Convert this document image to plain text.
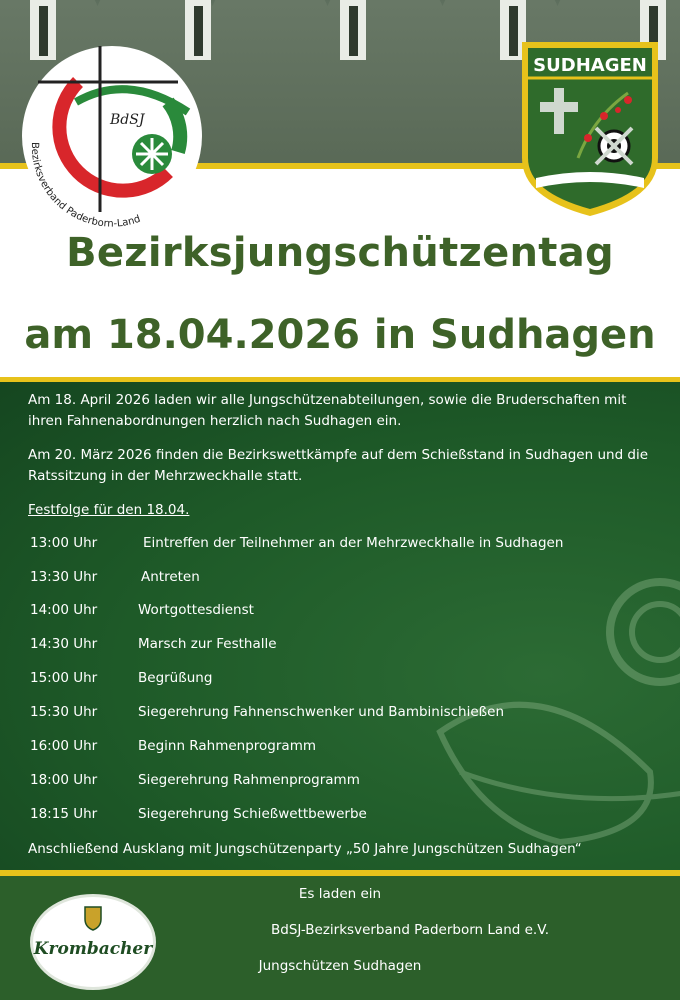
BdSJ
Bezirksverband Paderborn-Land
SUDHAGEN
Bezirksjungschützentag
am 18.04.2026 in Sudhagen
Am 18. April 2026 laden wir alle Jungschützenabteilungen, sowie die Bruderschaften mit ihren Fahnenabordnungen herzlich nach Sudhagen ein.
Am 20. März 2026 finden die Bezirkswettkämpfe auf dem Schießstand in Sudhagen und die Ratssitzung in der Mehrzweckhalle statt.
Festfolge für den 18.04.
13:00 Uhr	Eintreffen der Teilnehmer an der Mehrzweckhalle in Sudhagen
13:30 Uhr	Antreten
14:00 Uhr	Wortgottesdienst
14:30 Uhr	Marsch zur Festhalle
15:00 Uhr	Begrüßung
15:30 Uhr	Siegerehrung Fahnenschwenker und Bambinischießen
16:00 Uhr	Beginn Rahmenprogramm
18:00 Uhr	Siegerehrung Rahmenprogramm
18:15 Uhr	Siegerehrung Schießwettbewerbe
Anschließend Ausklang mit Jungschützenparty „50 Jahre Jungschützen Sudhagen“
Krombacher
Es laden ein
BdSJ-Bezirksverband Paderborn Land e.V.
Jungschützen Sudhagen
